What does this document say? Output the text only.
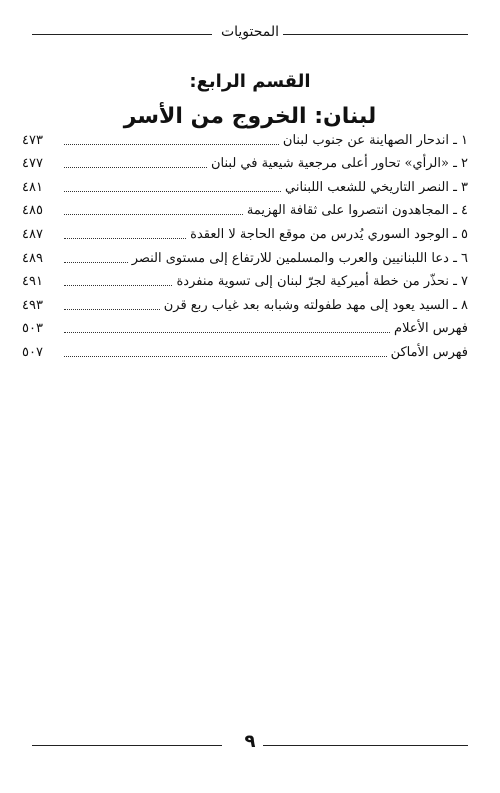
المحتويات
القسم الرابع:
لبنان: الخروج من الأسر
١ ـ اندحار الصهاينة عن جنوب لبنان
٤٧٣
٢ ـ «الرأي» تحاور أعلى مرجعية شيعية في لبنان
٤٧٧
٣ ـ النصر التاريخي للشعب اللبناني
٤٨١
٤ ـ المجاهدون انتصروا على ثقافة الهزيمة
٤٨٥
٥ ـ الوجود السوري يُدرس من موقع الحاجة لا العقدة
٤٨٧
٦ ـ دعا اللبنانيين والعرب والمسلمين للارتفاع إلى مستوى النصر
٤٨٩
٧ ـ نحذّر من خطة أميركية لجرّ لبنان إلى تسوية منفردة
٤٩١
٨ ـ السيد يعود إلى مهد طفولته وشبابه بعد غياب ربع قرن
٤٩٣
فهرس الأعلام
٥٠٣
فهرس الأماكن
٥٠٧
٩
